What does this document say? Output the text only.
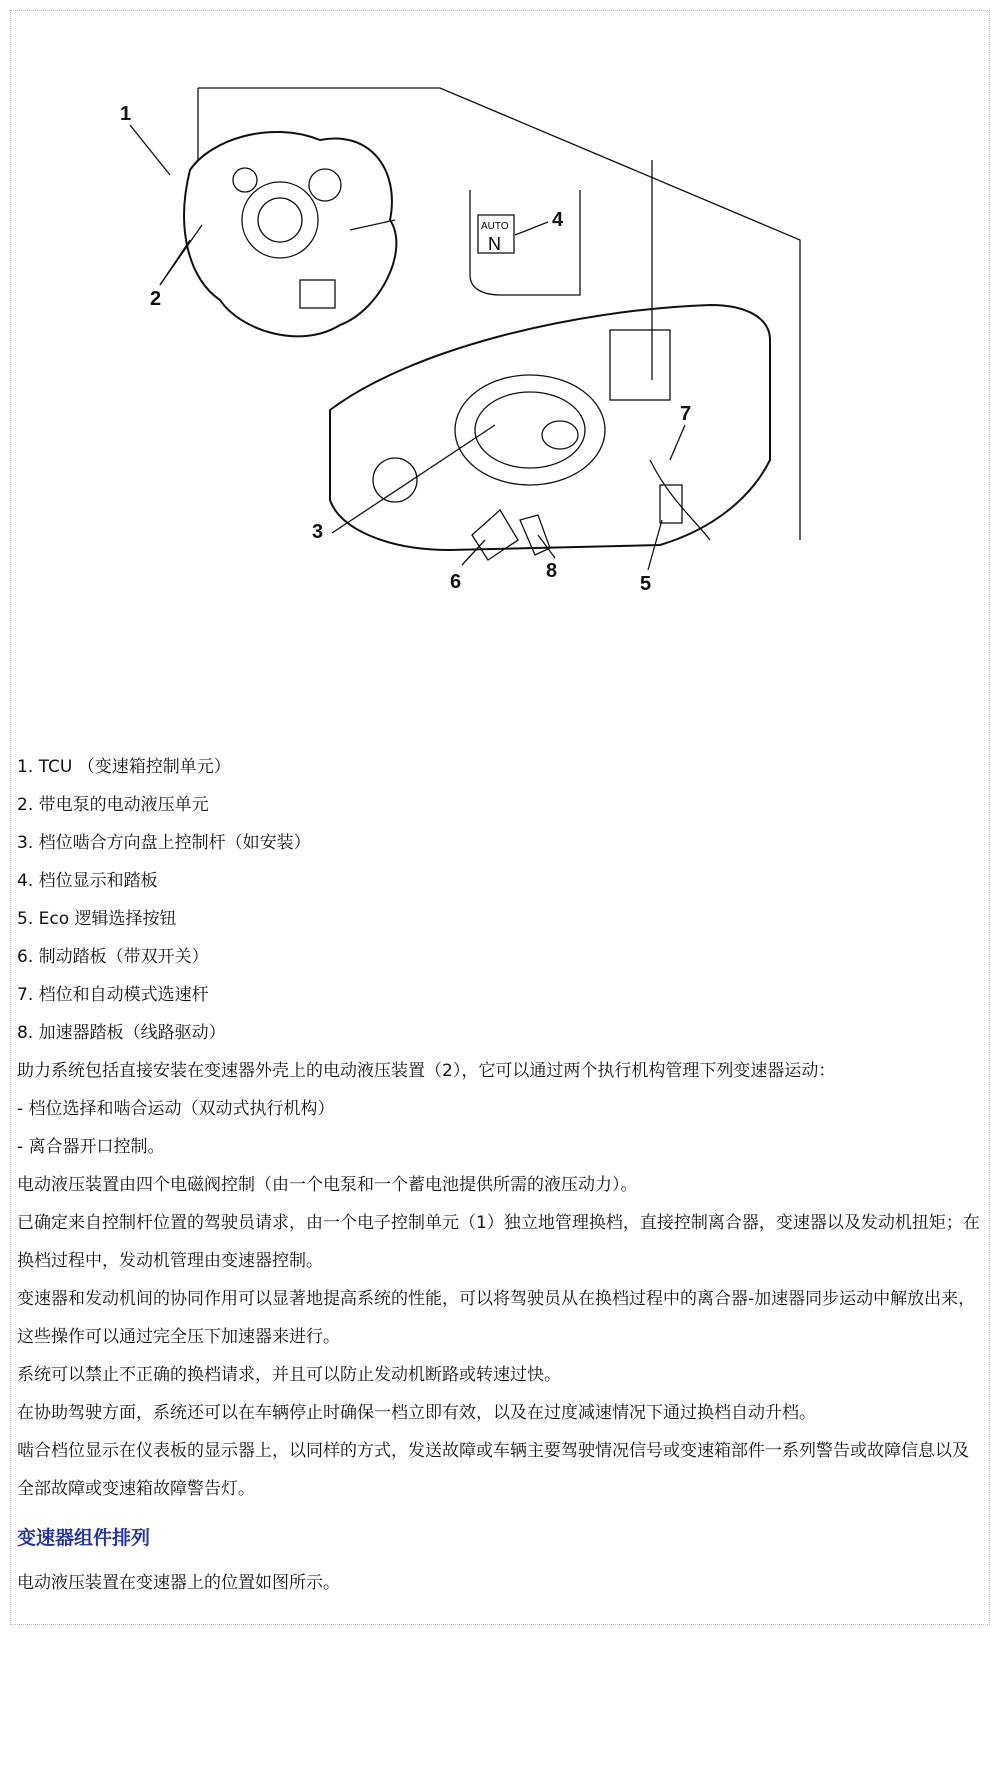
AUTO
N
1
2
3
4
5
6
7
8

1. TCU （变速箱控制单元）

2. 带电泵的电动液压单元

3. 档位啮合方向盘上控制杆（如安装）

4. 档位显示和踏板

5. Eco 逻辑选择按钮

6. 制动踏板（带双开关）

7. 档位和自动模式选速杆

8. 加速器踏板（线路驱动）

助力系统包括直接安装在变速器外壳上的电动液压装置（2），它可以通过两个执行机构管理下列变速器运动：

- 档位选择和啮合运动（双动式执行机构）

- 离合器开口控制。

电动液压装置由四个电磁阀控制（由一个电泵和一个蓄电池提供所需的液压动力）。

已确定来自控制杆位置的驾驶员请求，由一个电子控制单元（1）独立地管理换档，直接控制离合器，变速器以及发动机扭矩；在换档过程中，发动机管理由变速器控制。

变速器和发动机间的协同作用可以显著地提高系统的性能，可以将驾驶员从在换档过程中的离合器-加速器同步运动中解放出来，这些操作可以通过完全压下加速器来进行。

系统可以禁止不正确的换档请求，并且可以防止发动机断路或转速过快。

在协助驾驶方面，系统还可以在车辆停止时确保一档立即有效，以及在过度减速情况下通过换档自动升档。

啮合档位显示在仪表板的显示器上，以同样的方式，发送故障或车辆主要驾驶情况信号或变速箱部件一系列警告或故障信息以及全部故障或变速箱故障警告灯。

变速器组件排列

电动液压装置在变速器上的位置如图所示。
